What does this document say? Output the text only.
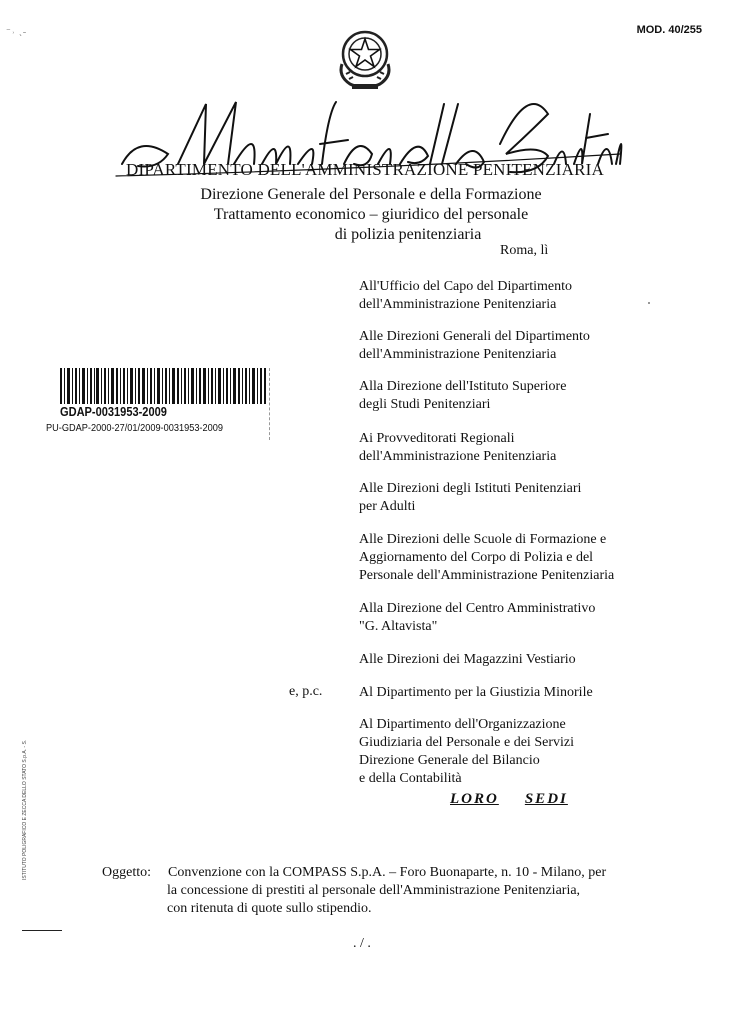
⁻˒ ˎ˗	MOD. 40/255
DIPARTIMENTO DELL'AMMINISTRAZIONE PENITENZIARIA
Direzione Generale del Personale e della Formazione
Trattamento economico – giuridico del personale
di polizia penitenziaria
Roma, lì
GDAP-0031953-2009
PU-GDAP-2000-27/01/2009-0031953-2009
All'Ufficio del Capo del Dipartimento
dell'Amministrazione Penitenziaria
Alle Direzioni Generali del Dipartimento
dell'Amministrazione Penitenziaria
Alla Direzione dell'Istituto Superiore
degli Studi Penitenziari
Ai Provveditorati Regionali
dell'Amministrazione Penitenziaria
Alle Direzioni degli Istituti Penitenziari
per Adulti
Alle Direzioni delle Scuole di Formazione e
Aggiornamento del Corpo di Polizia e del
Personale dell'Amministrazione Penitenziaria
Alla Direzione del Centro Amministrativo
"G. Altavista"
Alle Direzioni dei Magazzini Vestiario
e, p.c.	Al Dipartimento per la Giustizia Minorile
Al Dipartimento dell'Organizzazione
Giudiziaria del Personale e dei Servizi
Direzione Generale del Bilancio
e della Contabilità
LORO SEDI
ISTITUTO POLIGRAFICO E ZECCA DELLO STATO S.p.A. - S.	Oggetto: Convenzione con la COMPASS S.p.A. – Foro Buonaparte, n. 10 - Milano, per
la concessione di prestiti al personale dell'Amministrazione Penitenziaria,
con ritenuta di quote sullo stipendio.
. / .
